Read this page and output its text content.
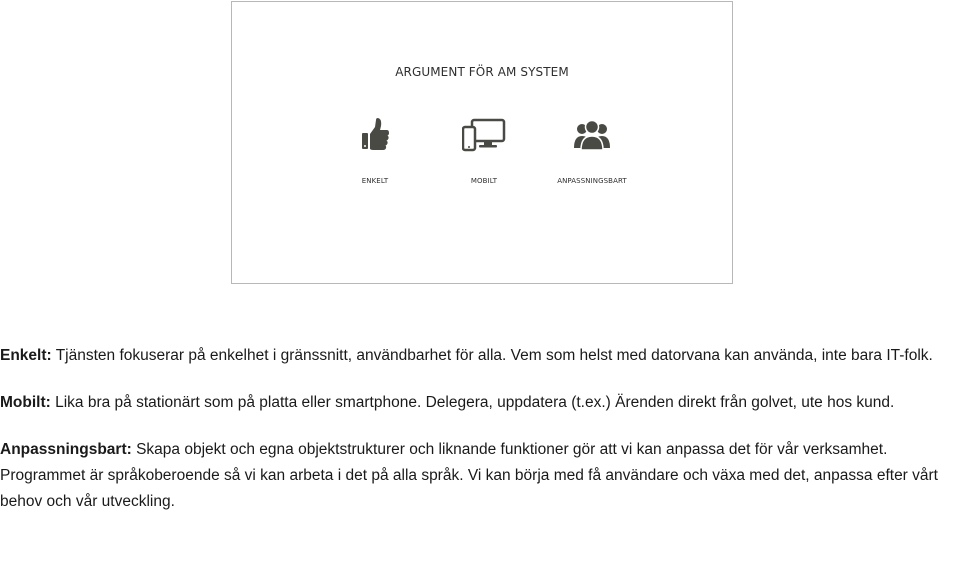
ARGUMENT FÖR AM SYSTEM
ENKELT	MOBILT	ANPASSNINGSBART

Enkelt: Tjänsten fokuserar på enkelhet i gränssnitt, användbarhet för alla. Vem som helst med datorvana kan använda, inte bara IT-folk.

Mobilt: Lika bra på stationärt som på platta eller smartphone. Delegera, uppdatera (t.ex.) Ärenden direkt från golvet, ute hos kund.

Anpassningsbart: Skapa objekt och egna objektstrukturer och liknande funktioner gör att vi kan anpassa det för vår verksamhet. Programmet är språkoberoende så vi kan arbeta i det på alla språk. Vi kan börja med få användare och växa med det, anpassa efter vårt behov och vår utveckling.
